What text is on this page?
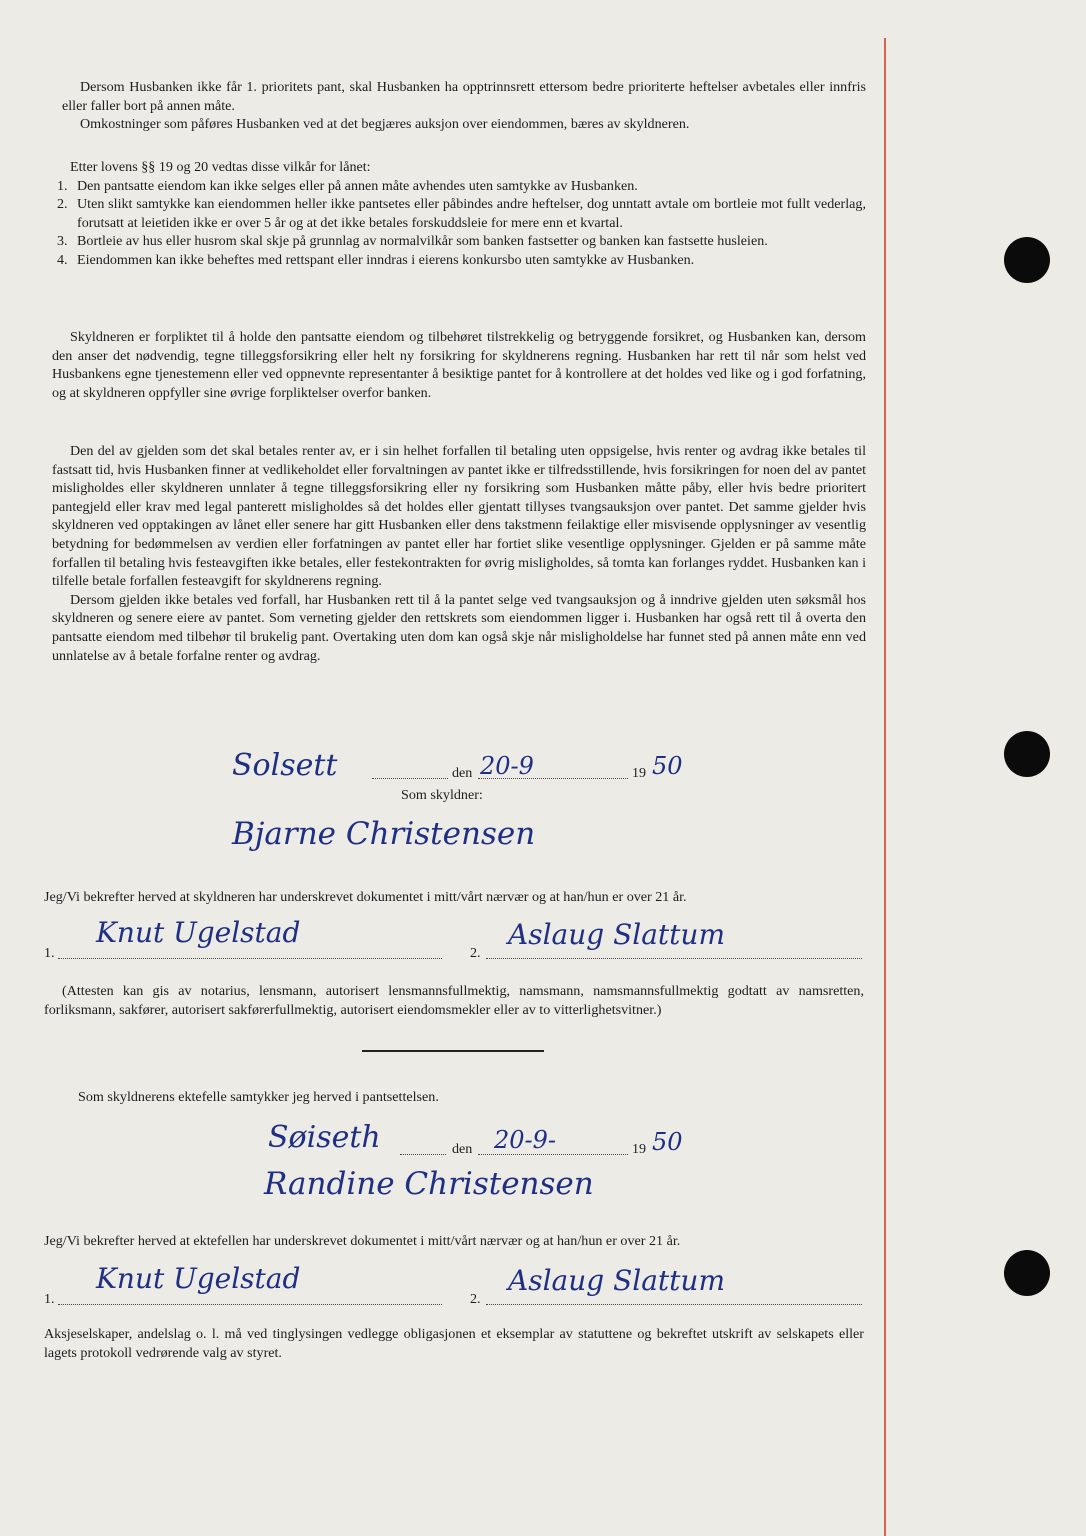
Dersom Husbanken ikke får 1. prioritets pant, skal Husbanken ha opptrinnsrett ettersom bedre prioriterte heftelser avbetales eller innfris eller faller bort på annen måte.

Omkostninger som påføres Husbanken ved at det begjæres auksjon over eiendommen, bæres av skyldneren.

Etter lovens §§ 19 og 20 vedtas disse vilkår for lånet:

1. Den pantsatte eiendom kan ikke selges eller på annen måte avhendes uten samtykke av Husbanken.
2. Uten slikt samtykke kan eiendommen heller ikke pantsetes eller påbindes andre heftelser, dog unntatt avtale om bortleie mot fullt vederlag, forutsatt at leietiden ikke er over 5 år og at det ikke betales forskuddsleie for mere enn et kvartal.
3. Bortleie av hus eller husrom skal skje på grunnlag av normalvilkår som banken fastsetter og banken kan fastsette husleien.
4. Eiendommen kan ikke beheftes med rettspant eller inndras i eierens konkursbo uten samtykke av Husbanken.

Skyldneren er forpliktet til å holde den pantsatte eiendom og tilbehøret tilstrekkelig og betryggende forsikret, og Husbanken kan, dersom den anser det nødvendig, tegne tilleggsforsikring eller helt ny forsikring for skyldnerens regning. Husbanken har rett til når som helst ved Husbankens egne tjenestemenn eller ved oppnevnte representanter å besiktige pantet for å kontrollere at det holdes ved like og i god forfatning, og at skyldneren oppfyller sine øvrige forpliktelser overfor banken.

Den del av gjelden som det skal betales renter av, er i sin helhet forfallen til betaling uten oppsigelse, hvis renter og avdrag ikke betales til fastsatt tid, hvis Husbanken finner at vedlikeholdet eller forvaltningen av pantet ikke er tilfredsstillende, hvis forsikringen for noen del av pantet misligholdes eller skyldneren unnlater å tegne tilleggsforsikring eller ny forsikring som Husbanken måtte påby, eller hvis bedre prioritert pantegjeld eller krav med legal panterett misligholdes så det holdes eller gjentatt tillyses tvangsauksjon over pantet. Det samme gjelder hvis skyldneren ved opptakingen av lånet eller senere har gitt Husbanken eller dens takstmenn feilaktige eller misvisende opplysninger av vesentlig betydning for bedømmelsen av verdien eller forfatningen av pantet eller har fortiet slike vesentlige opplysninger. Gjelden er på samme måte forfallen til betaling hvis festeavgiften ikke betales, eller festekontrakten for øvrig misligholdes, så tomta kan forlanges ryddet. Husbanken kan i tilfelle betale forfallen festeavgift for skyldnerens regning.

Dersom gjelden ikke betales ved forfall, har Husbanken rett til å la pantet selge ved tvangsauksjon og å inndrive gjelden uten søksmål hos skyldneren og senere eiere av pantet. Som verneting gjelder den rettskrets som eiendommen ligger i. Husbanken har også rett til å overta den pantsatte eiendom med tilbehør til brukelig pant. Overtaking uten dom kan også skje når misligholdelse har funnet sted på annen måte enn ved unnlatelse av å betale forfalne renter og avdrag.

Solsett	den 20-9	19 50
Som skyldner:
Bjarne Christensen
Jeg/Vi bekrefter herved at skyldneren har underskrevet dokumentet i mitt/vårt nærvær og at han/hun er over 21 år.
1.
Knut Ugelstad
2.
Aslaug Slattum

(Attesten kan gis av notarius, lensmann, autorisert lensmannsfullmektig, namsmann, namsmannsfullmektig godtatt av namsretten, forliksmann, sakfører, autorisert sakførerfullmektig, autorisert eiendomsmekler eller av to vitterlighetsvitner.)

Som skyldnerens ektefelle samtykker jeg herved i pantsettelsen.
Søiseth	den 20-9-	19 50
Randine Christensen
Jeg/Vi bekrefter herved at ektefellen har underskrevet dokumentet i mitt/vårt nærvær og at han/hun er over 21 år.
1.
Knut Ugelstad
2.
Aslaug Slattum

Aksjeselskaper, andelslag o. l. må ved tinglysingen vedlegge obligasjonen et eksemplar av statuttene og bekreftet utskrift av selskapets eller lagets protokoll vedrørende valg av styret.
